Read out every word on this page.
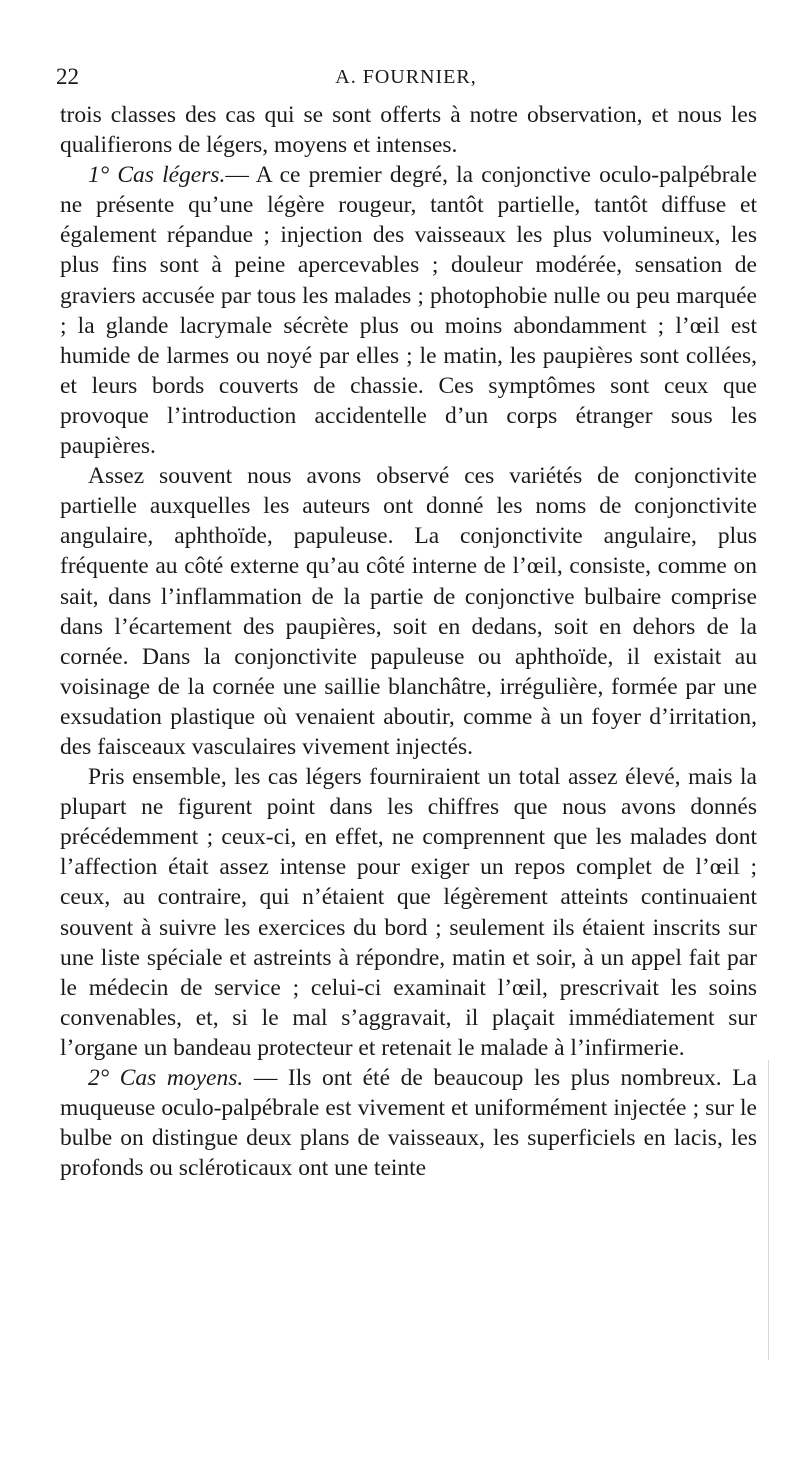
22	A. FOURNIER,

trois classes des cas qui se sont offerts à notre observation, et nous les qualifierons de légers, moyens et intenses.

1° Cas légers.— A ce premier degré, la conjonctive oculo-palpébrale ne présente qu’une légère rougeur, tantôt partielle, tantôt diffuse et également répandue ; injection des vaisseaux les plus volumineux, les plus fins sont à peine apercevables ; douleur modérée, sensation de graviers accusée par tous les malades ; photophobie nulle ou peu marquée ; la glande lacrymale sécrète plus ou moins abondamment ; l’œil est humide de larmes ou noyé par elles ; le matin, les paupières sont collées, et leurs bords couverts de chassie. Ces symptômes sont ceux que provoque l’introduction accidentelle d’un corps étranger sous les paupières.

Assez souvent nous avons observé ces variétés de conjonctivite partielle auxquelles les auteurs ont donné les noms de conjonctivite angulaire, aphthoïde, papuleuse. La conjonctivite angulaire, plus fréquente au côté externe qu’au côté interne de l’œil, consiste, comme on sait, dans l’inflammation de la partie de conjonctive bulbaire comprise dans l’écartement des paupières, soit en dedans, soit en dehors de la cornée. Dans la conjonctivite papuleuse ou aphthoïde, il existait au voisinage de la cornée une saillie blanchâtre, irrégulière, formée par une exsudation plastique où venaient aboutir, comme à un foyer d’irritation, des faisceaux vasculaires vivement injectés.

Pris ensemble, les cas légers fourniraient un total assez élevé, mais la plupart ne figurent point dans les chiffres que nous avons donnés précédemment ; ceux-ci, en effet, ne comprennent que les malades dont l’affection était assez intense pour exiger un repos complet de l’œil ; ceux, au contraire, qui n’étaient que légèrement atteints continuaient souvent à suivre les exercices du bord ; seulement ils étaient inscrits sur une liste spéciale et astreints à répondre, matin et soir, à un appel fait par le médecin de service ; celui-ci examinait l’œil, prescrivait les soins convenables, et, si le mal s’aggravait, il plaçait immédiatement sur l’organe un bandeau protecteur et retenait le malade à l’infirmerie.

2° Cas moyens. — Ils ont été de beaucoup les plus nombreux. La muqueuse oculo-palpébrale est vivement et uniformément injectée ; sur le bulbe on distingue deux plans de vaisseaux, les superficiels en lacis, les profonds ou scléroticaux ont une teinte
